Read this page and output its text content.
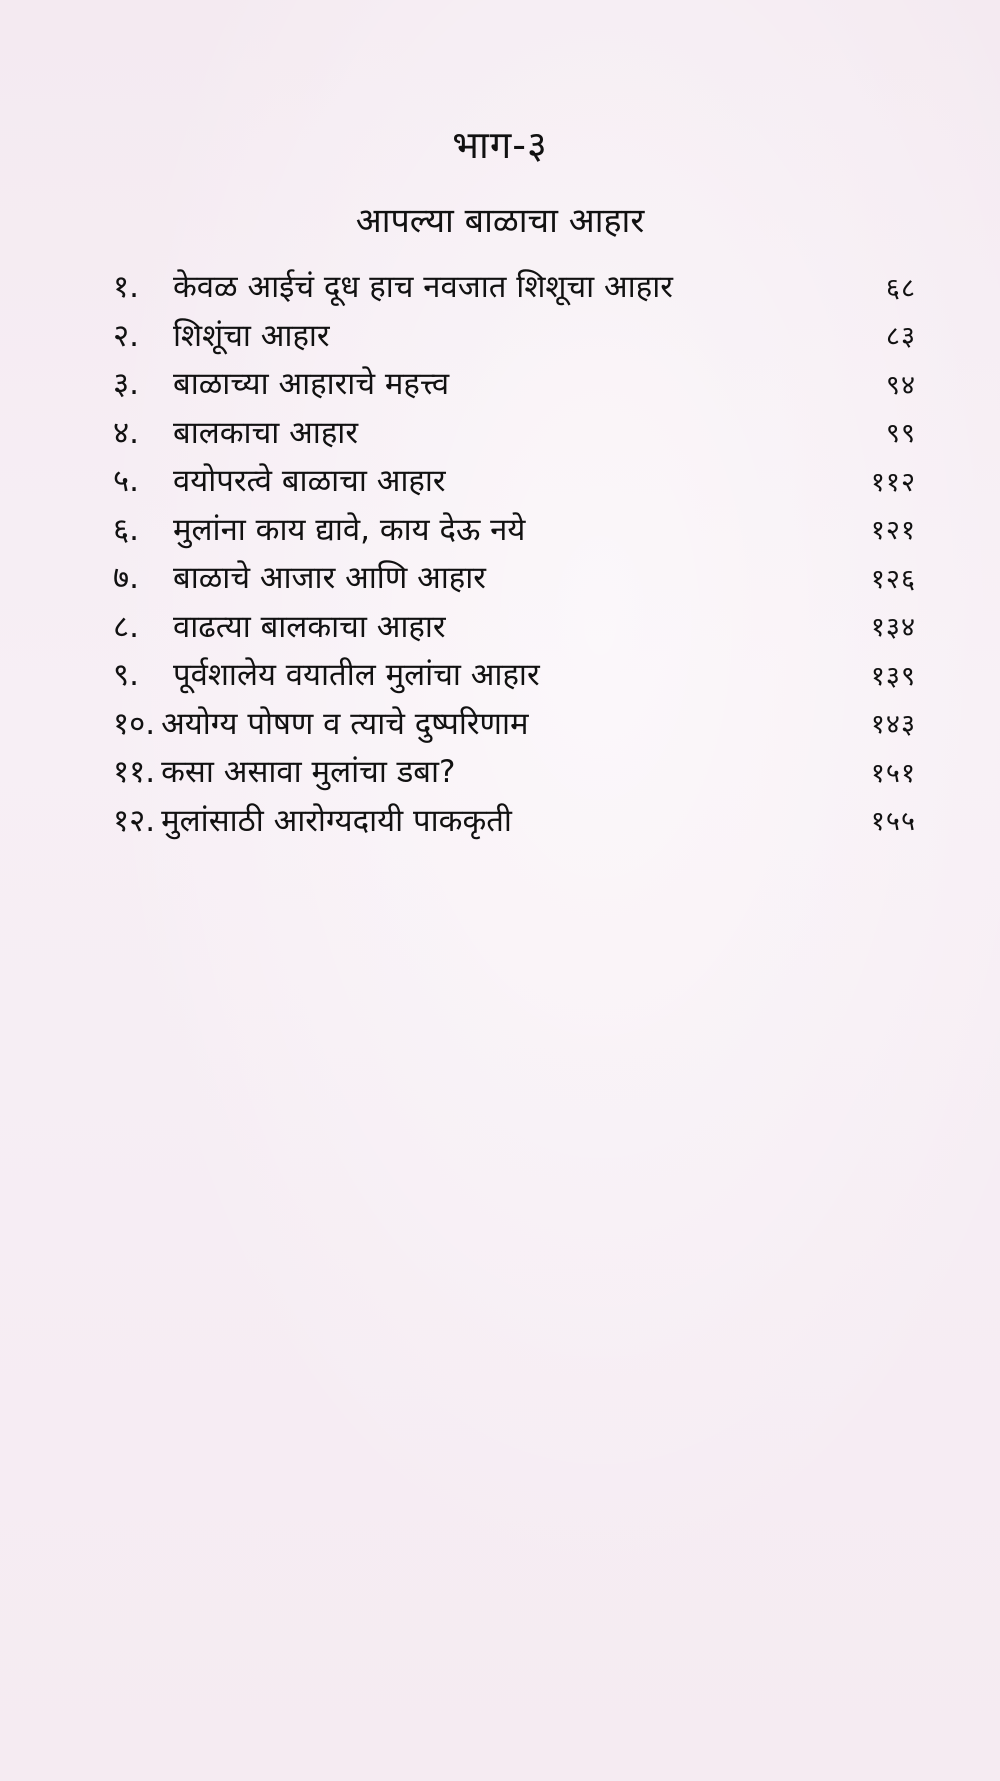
भाग-३
आपल्या बाळाचा आहार
१.	केवळ आईचं दूध हाच नवजात शिशूचा आहार	६८
२.	शिशूंचा आहार	८३
३.	बाळाच्या आहाराचे महत्त्व	९४
४.	बालकाचा आहार	९९
५.	वयोपरत्वे बाळाचा आहार	११२
६.	मुलांना काय द्यावे, काय देऊ नये	१२१
७.	बाळाचे आजार आणि आहार	१२६
८.	वाढत्या बालकाचा आहार	१३४
९.	पूर्वशालेय वयातील मुलांचा आहार	१३९
१०. अयोग्य पोषण व त्याचे दुष्परिणाम	१४३
११. कसा असावा मुलांचा डबा?	१५१
१२. मुलांसाठी आरोग्यदायी पाककृती	१५५
